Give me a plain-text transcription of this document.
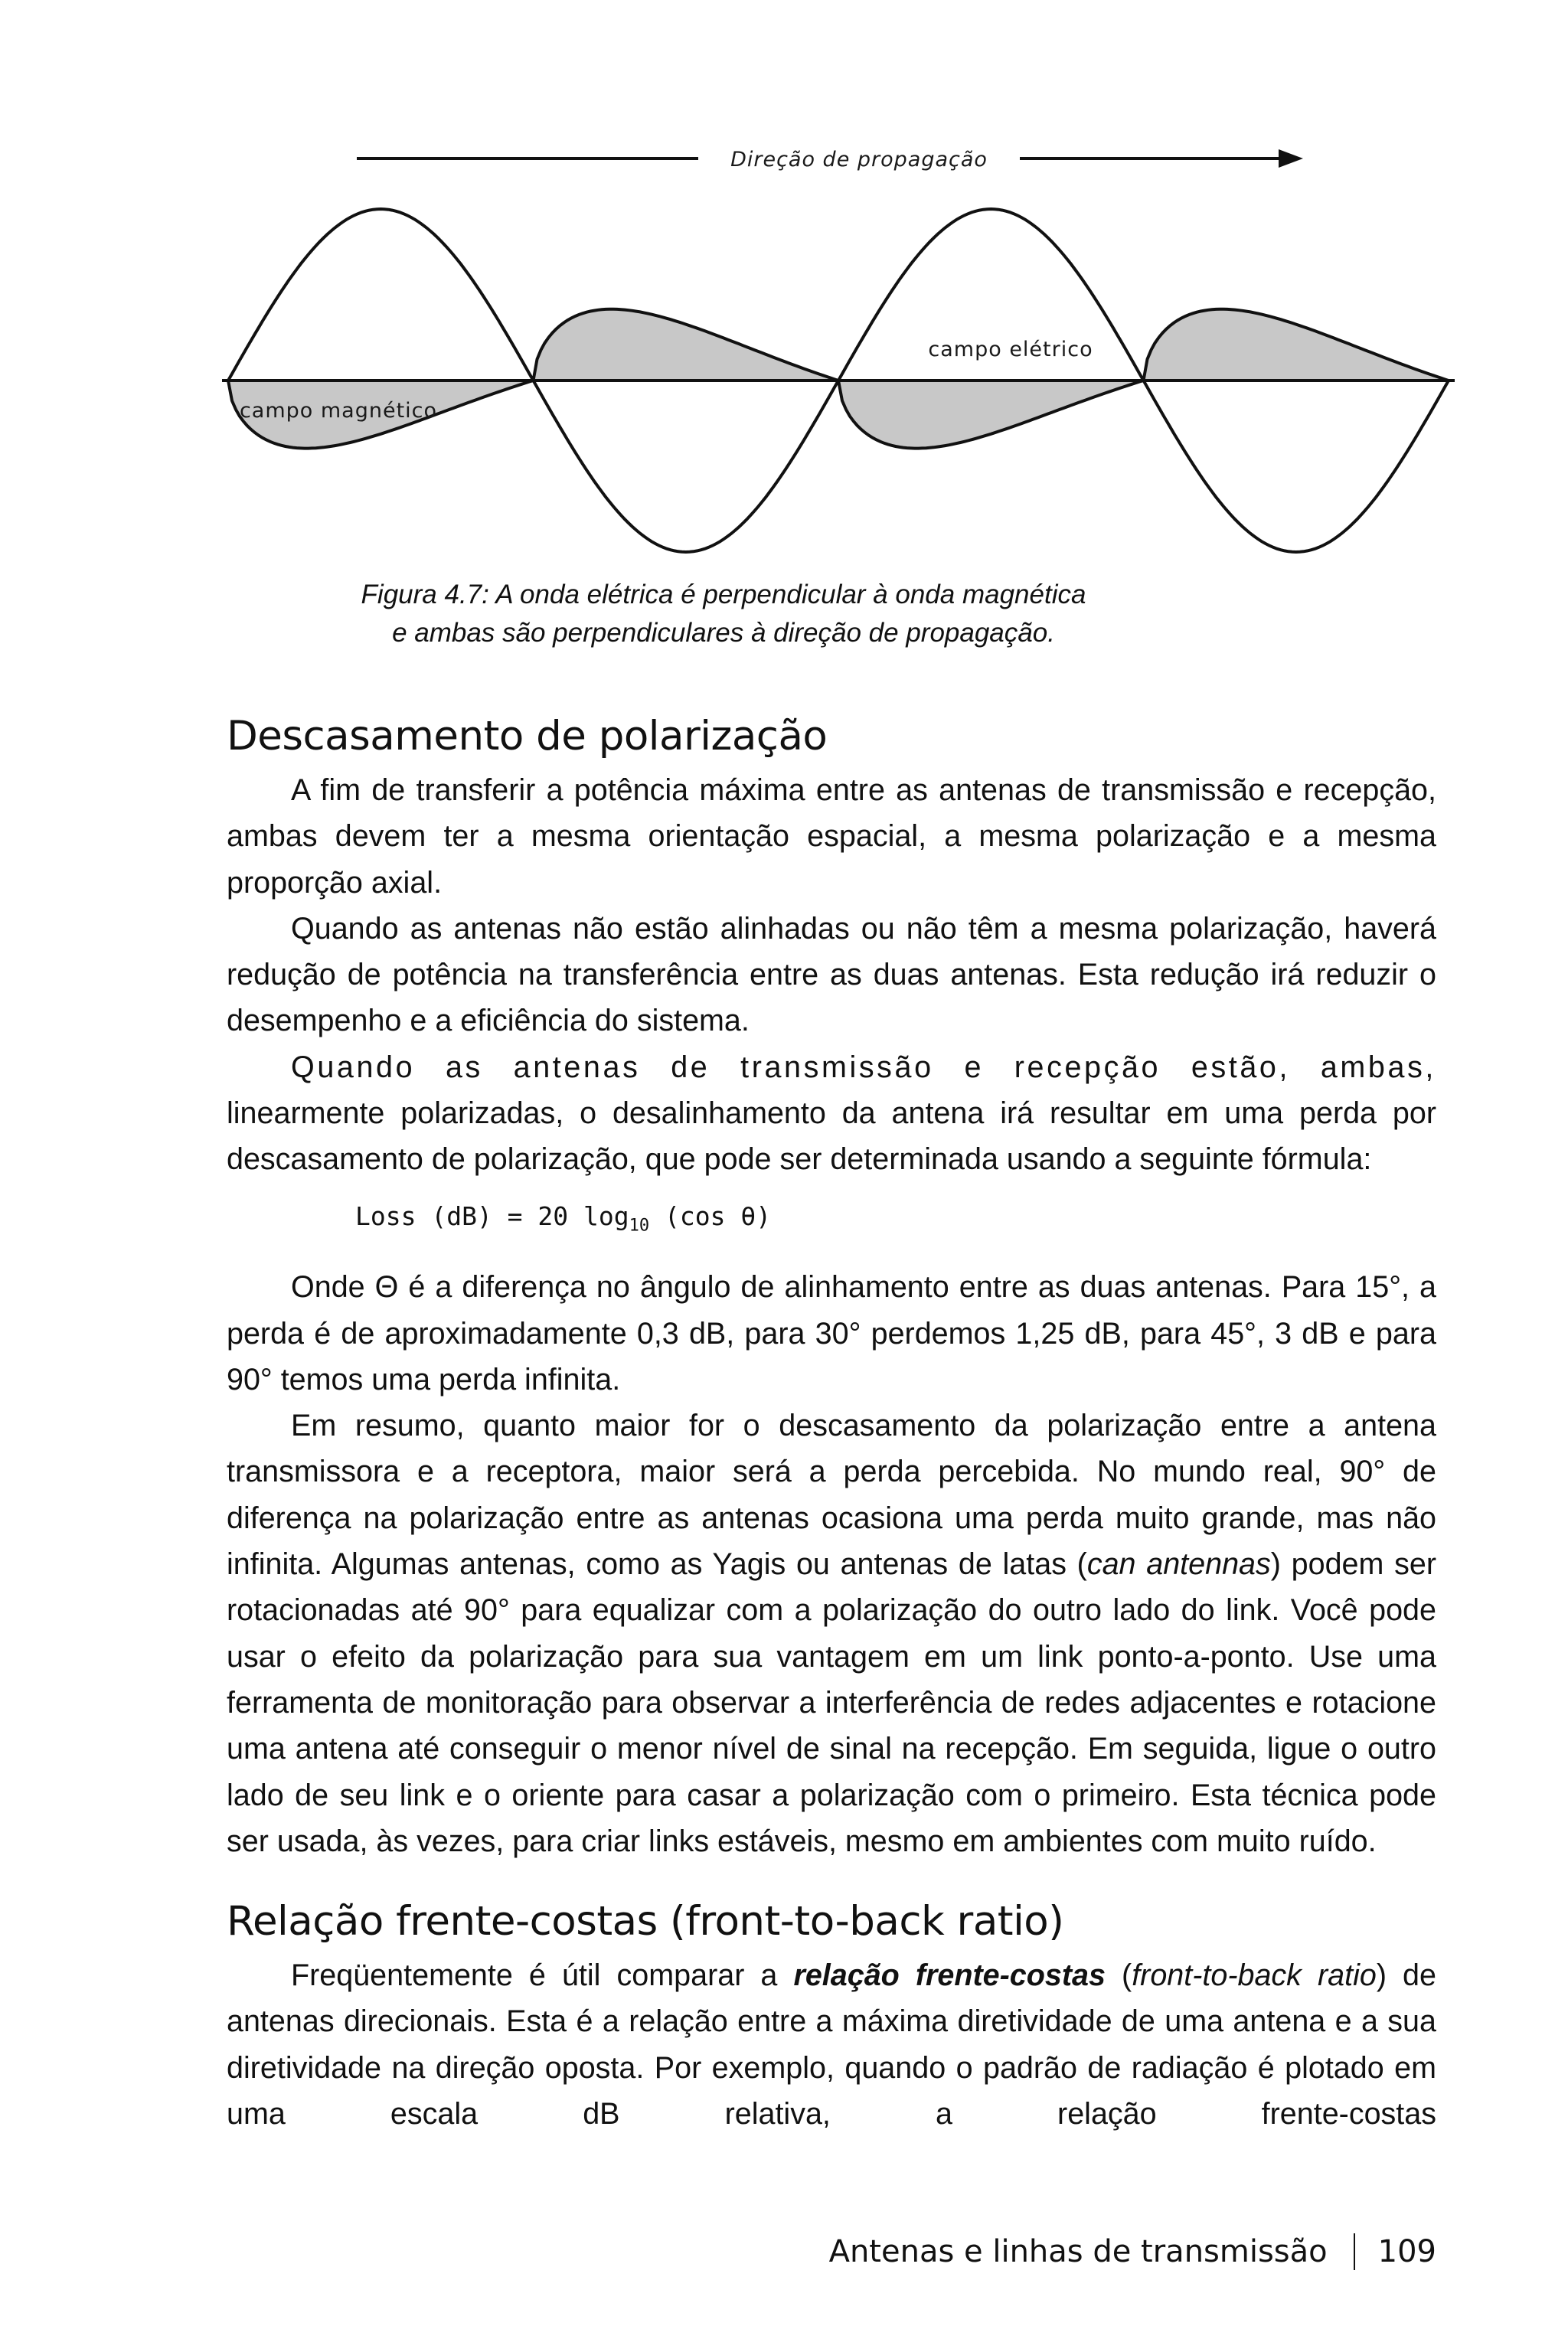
Direção de propagação
campo elétrico
campo magnético
Figura 4.7: A onda elétrica é perpendicular à onda magnética
e ambas são perpendiculares à direção de propagação.
Descasamento de polarização

A fim de transferir a potência máxima entre as antenas de transmissão e recepção, ambas devem ter a mesma orientação espacial, a mesma polarização e a mesma proporção axial.

Quando as antenas não estão alinhadas ou não têm a mesma polarização, haverá redução de potência na transferência entre as duas antenas. Esta redução irá reduzir o desempenho e a eficiência do sistema.

Quando as antenas de transmissão e recepção estão, ambas, linearmente polarizadas, o desalinhamento da antena irá resultar em uma perda por descasamento de polarização, que pode ser determinada usando a seguinte fórmula:

Loss (dB) = 20 $\log_{10} (\cos$ θ)

Onde Θ é a diferença no ângulo de alinhamento entre as duas antenas. Para 15°, a perda é de aproximadamente 0,3 dB, para 30° perdemos 1,25 dB, para 45°, 3 dB e para 90° temos uma perda infinita.

Em resumo, quanto maior for o descasamento da polarização entre a antena transmissora e a receptora, maior será a perda percebida. No mundo real, 90° de diferença na polarização entre as antenas ocasiona uma perda muito grande, mas não infinita. Algumas antenas, como as Yagis ou antenas de latas (can antennas) podem ser rotacionadas até 90° para equalizar com a polarização do outro lado do link. Você pode usar o efeito da polarização para sua vantagem em um link ponto-a-ponto. Use uma ferramenta de monitoração para observar a interferência de redes adjacentes e rotacione uma antena até conseguir o menor nível de sinal na recepção. Em seguida, ligue o outro lado de seu link e o oriente para casar a polarização com o primeiro. Esta técnica pode ser usada, às vezes, para criar links estáveis, mesmo em ambientes com muito ruído.

Relação frente-costas (front-to-back ratio)

Freqüentemente é útil comparar a relação frente-costas (front-to-back ratio) de antenas direcionais. Esta é a relação entre a máxima diretividade de uma antena e a sua diretividade na direção oposta. Por exemplo, quando o padrão de radiação é plotado em uma escala dB relativa, a relação frente-costas

Antenas e linhas de transmissão 109
